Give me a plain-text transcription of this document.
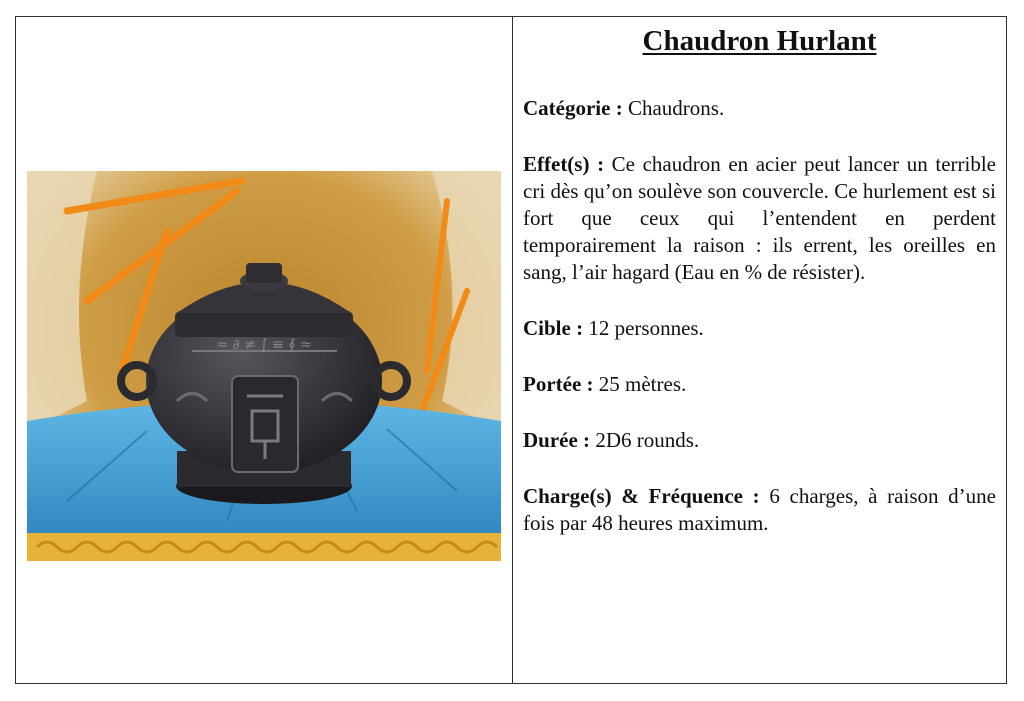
≈ ∂ ≠ ∫ ≡ ∮ ≈
Chaudron Hurlant

Catégorie : Chaudrons.

Effet(s) : Ce chaudron en acier peut lancer un terrible cri dès qu’on soulève son couvercle. Ce hurlement est si fort que ceux qui l’entendent en perdent temporairement la raison : ils errent, les oreilles en sang, l’air hagard (Eau en % de résister).

Cible : 12 personnes.

Portée : 25 mètres.

Durée : 2D6 rounds.

Charge(s) & Fréquence : 6 charges, à raison d’une fois par 48 heures maximum.
